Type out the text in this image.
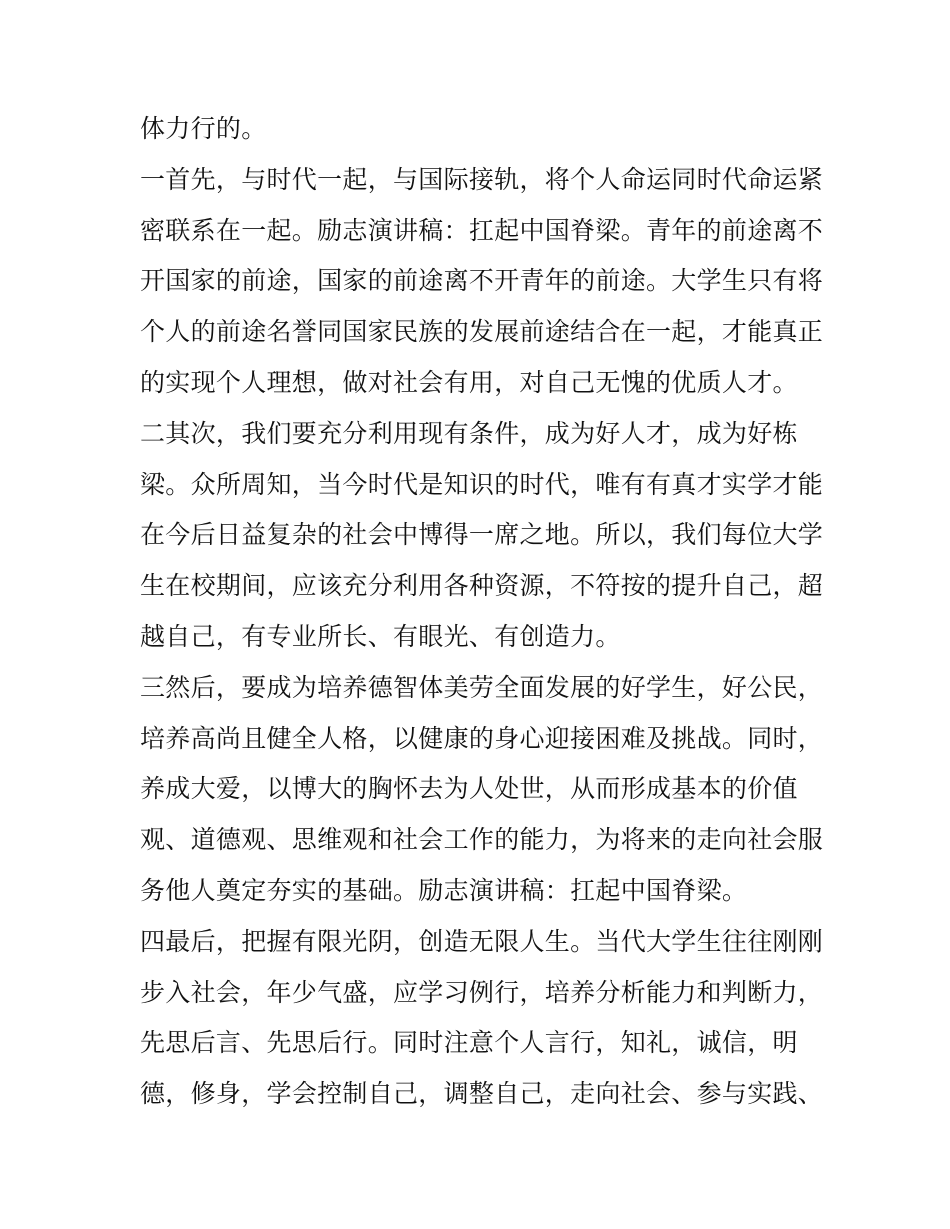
体力行的。
一首先，与时代一起，与国际接轨，将个人命运同时代命运紧
密联系在一起。励志演讲稿：扛起中国脊梁。青年的前途离不
开国家的前途，国家的前途离不开青年的前途。大学生只有将
个人的前途名誉同国家民族的发展前途结合在一起，才能真正
的实现个人理想，做对社会有用，对自己无愧的优质人才。
二其次，我们要充分利用现有条件，成为好人才，成为好栋
梁。众所周知，当今时代是知识的时代，唯有有真才实学才能
在今后日益复杂的社会中博得一席之地。所以，我们每位大学
生在校期间，应该充分利用各种资源，不符按的提升自己，超
越自己，有专业所长、有眼光、有创造力。
三然后，要成为培养德智体美劳全面发展的好学生，好公民，
培养高尚且健全人格，以健康的身心迎接困难及挑战。同时，
养成大爱，以博大的胸怀去为人处世，从而形成基本的价值
观、道德观、思维观和社会工作的能力，为将来的走向社会服
务他人奠定夯实的基础。励志演讲稿：扛起中国脊梁。
四最后，把握有限光阴，创造无限人生。当代大学生往往刚刚
步入社会，年少气盛，应学习例行，培养分析能力和判断力，
先思后言、先思后行。同时注意个人言行，知礼，诚信，明
德，修身，学会控制自己，调整自己，走向社会、参与实践、
